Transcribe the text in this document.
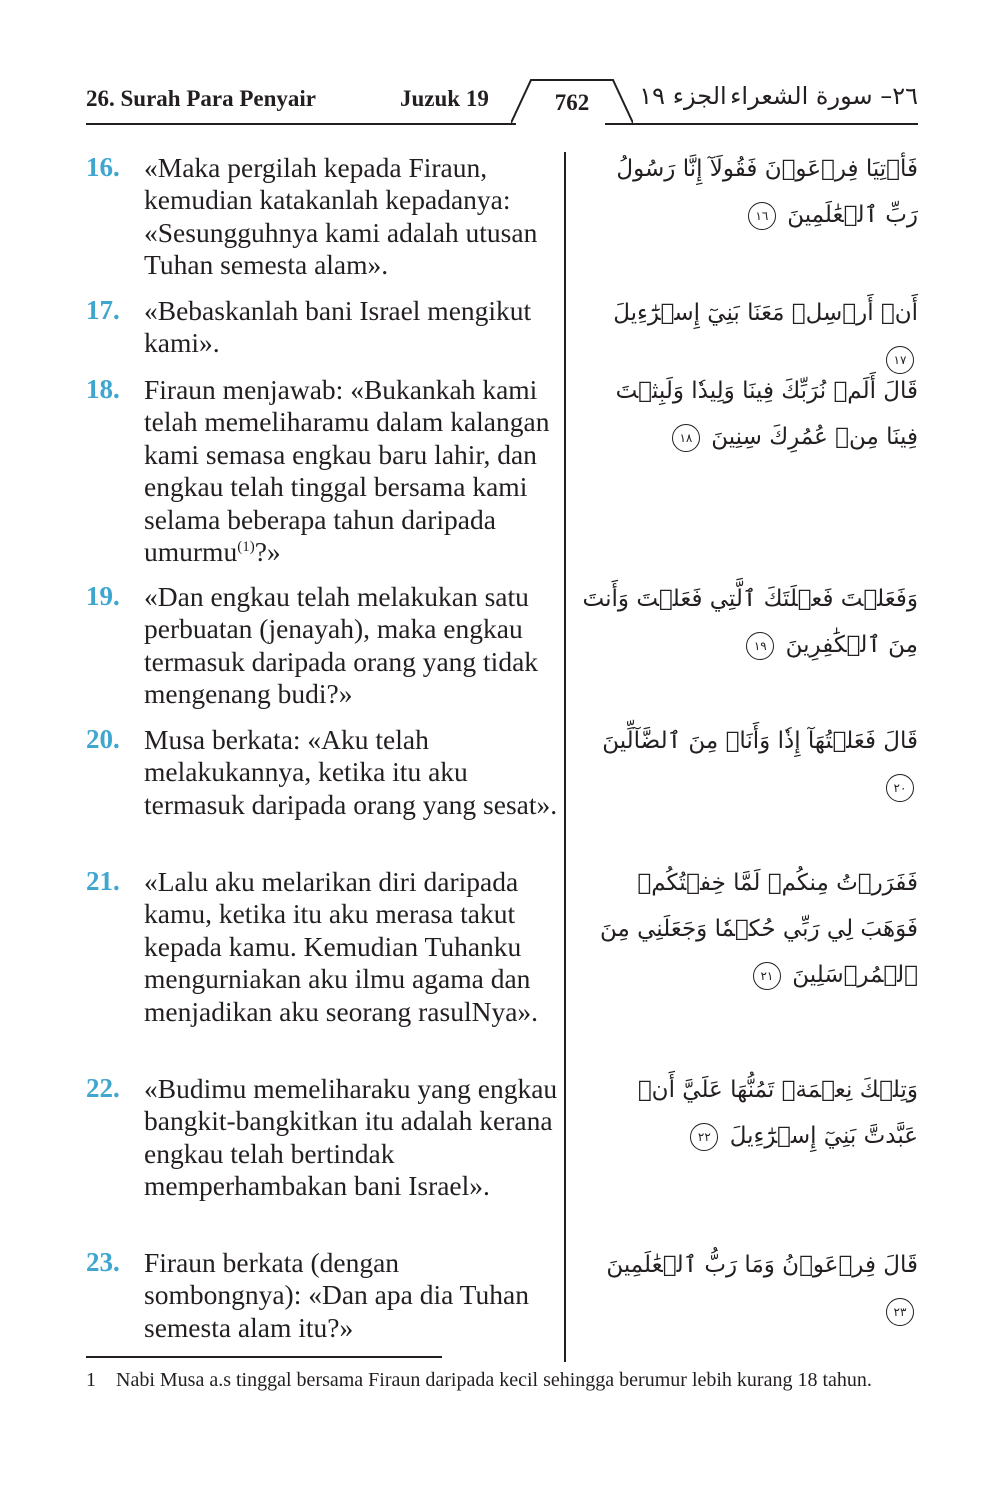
26. Surah Para Penyair	Juzuk 19	762	الجزء ١٩ ٢٦– سورة الشعراء
16. «Maka pergilah kepada Firaun, kemudian katakanlah kepadanya: «Sesungguhnya kami adalah utusan Tuhan semesta alam».
17. «Bebaskanlah bani Israel mengikut kami».
18. Firaun menjawab: «Bukankah kami telah memeliharamu dalam kalangan kami semasa engkau baru lahir, dan engkau telah tinggal bersama kami selama beberapa tahun daripada umurmu$^{(1)}$?»
19. «Dan engkau telah melakukan satu perbuatan (jenayah), maka engkau termasuk daripada orang yang tidak mengenang budi?»
20. Musa berkata: «Aku telah melakukannya, ketika itu aku termasuk daripada orang yang sesat».
21. «Lalu aku melarikan diri daripada kamu, ketika itu aku merasa takut kepada kamu. Kemudian Tuhanku mengurniakan aku ilmu agama dan menjadikan aku seorang rasulNya».
22. «Budimu memeliharaku yang engkau bangkit-bangkitkan itu adalah kerana engkau telah bertindak memperhambakan bani Israel».
23. Firaun berkata (dengan sombongnya): «Dan apa dia Tuhan semesta alam itu?»
فَأۡتِيَا فِرۡعَوۡنَ فَقُولَآ إِنَّا رَسُولُ رَبِّ ٱلۡعَٰلَمِينَ ١٦
أَنۡ أَرۡسِلۡ مَعَنَا بَنِيٓ إِسۡرَٰٓءِيلَ ١٧
قَالَ أَلَمۡ نُرَبِّكَ فِينَا وَلِيدٗا وَلَبِثۡتَ فِينَا مِنۡ عُمُرِكَ سِنِينَ ١٨
وَفَعَلۡتَ فَعۡلَتَكَ ٱلَّتِي فَعَلۡتَ وَأَنتَ مِنَ ٱلۡكَٰفِرِينَ ١٩
قَالَ فَعَلۡتُهَآ إِذٗا وَأَنَا۠ مِنَ ٱلضَّآلِّينَ ٢٠
فَفَرَرۡتُ مِنكُمۡ لَمَّا خِفۡتُكُمۡ فَوَهَبَ لِي رَبِّي حُكۡمٗا وَجَعَلَنِي مِنَ ٱلۡمُرۡسَلِينَ ٢١
وَتِلۡكَ نِعۡمَةٞ تَمُنُّهَا عَلَيَّ أَنۡ عَبَّدتَّ بَنِيٓ إِسۡرَٰٓءِيلَ ٢٢
قَالَ فِرۡعَوۡنُ وَمَا رَبُّ ٱلۡعَٰلَمِينَ ٢٣
1 Nabi Musa a.s tinggal bersama Firaun daripada kecil sehingga berumur lebih kurang 18 tahun.
